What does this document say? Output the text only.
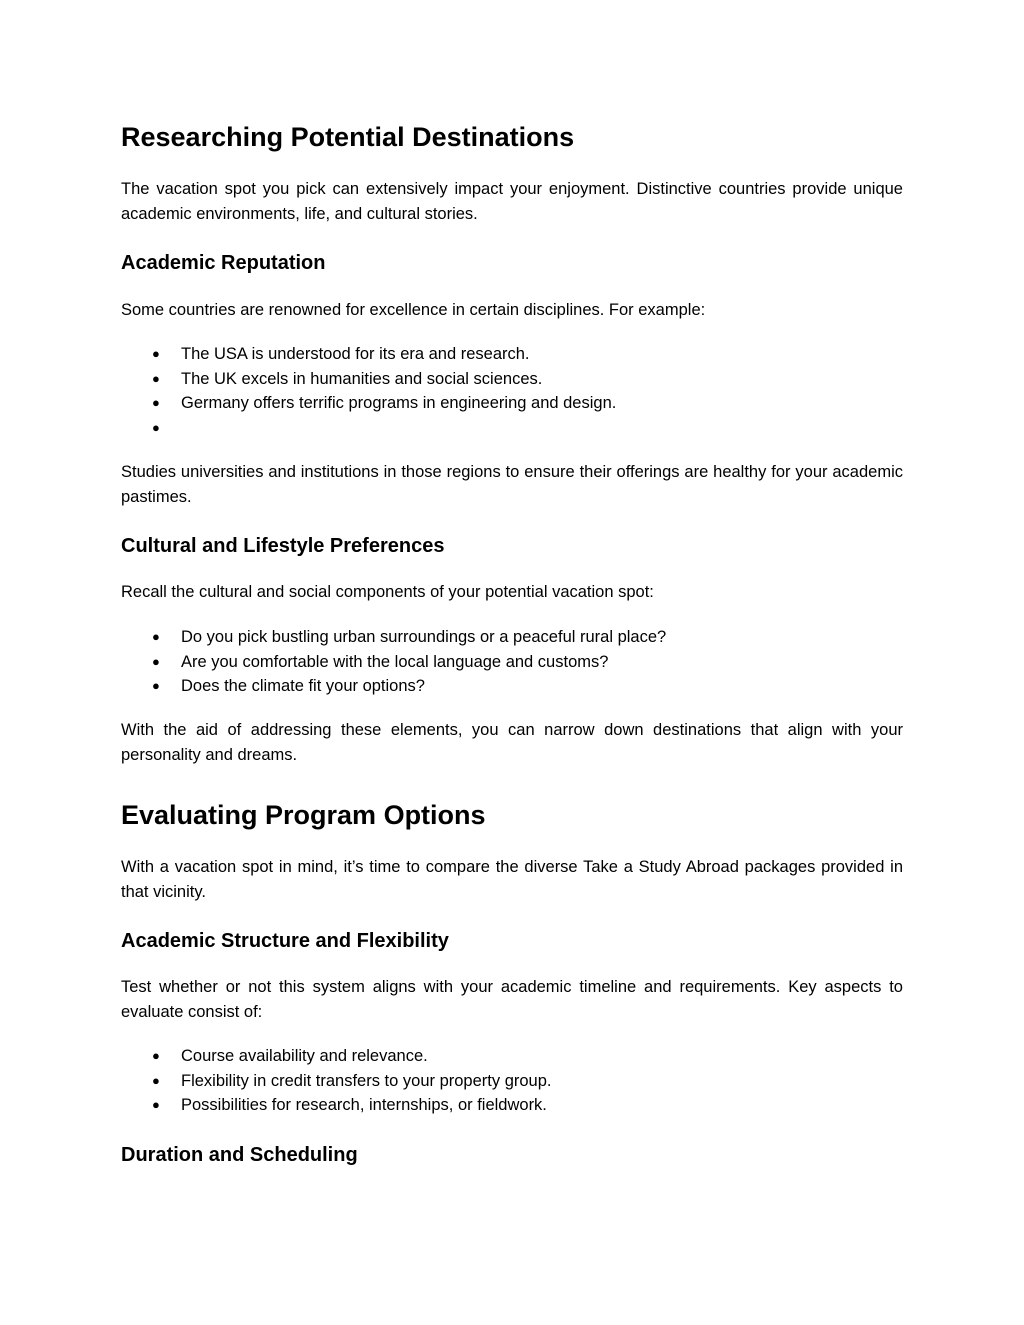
Researching Potential Destinations

The vacation spot you pick can extensively impact your enjoyment. Distinctive countries provide unique academic environments, life, and cultural stories.

Academic Reputation

Some countries are renowned for excellence in certain disciplines. For example:

● The USA is understood for its era and research.
● The UK excels in humanities and social sciences.
● Germany offers terrific programs in engineering and design.
●

Studies universities and institutions in those regions to ensure their offerings are healthy for your academic pastimes.

Cultural and Lifestyle Preferences

Recall the cultural and social components of your potential vacation spot:

● Do you pick bustling urban surroundings or a peaceful rural place?
● Are you comfortable with the local language and customs?
● Does the climate fit your options?

With the aid of addressing these elements, you can narrow down destinations that align with your personality and dreams.

Evaluating Program Options

With a vacation spot in mind, it’s time to compare the diverse Take a Study Abroad packages provided in that vicinity.

Academic Structure and Flexibility

Test whether or not this system aligns with your academic timeline and requirements. Key aspects to evaluate consist of:

● Course availability and relevance.
● Flexibility in credit transfers to your property group.
● Possibilities for research, internships, or fieldwork.
Duration and Scheduling
